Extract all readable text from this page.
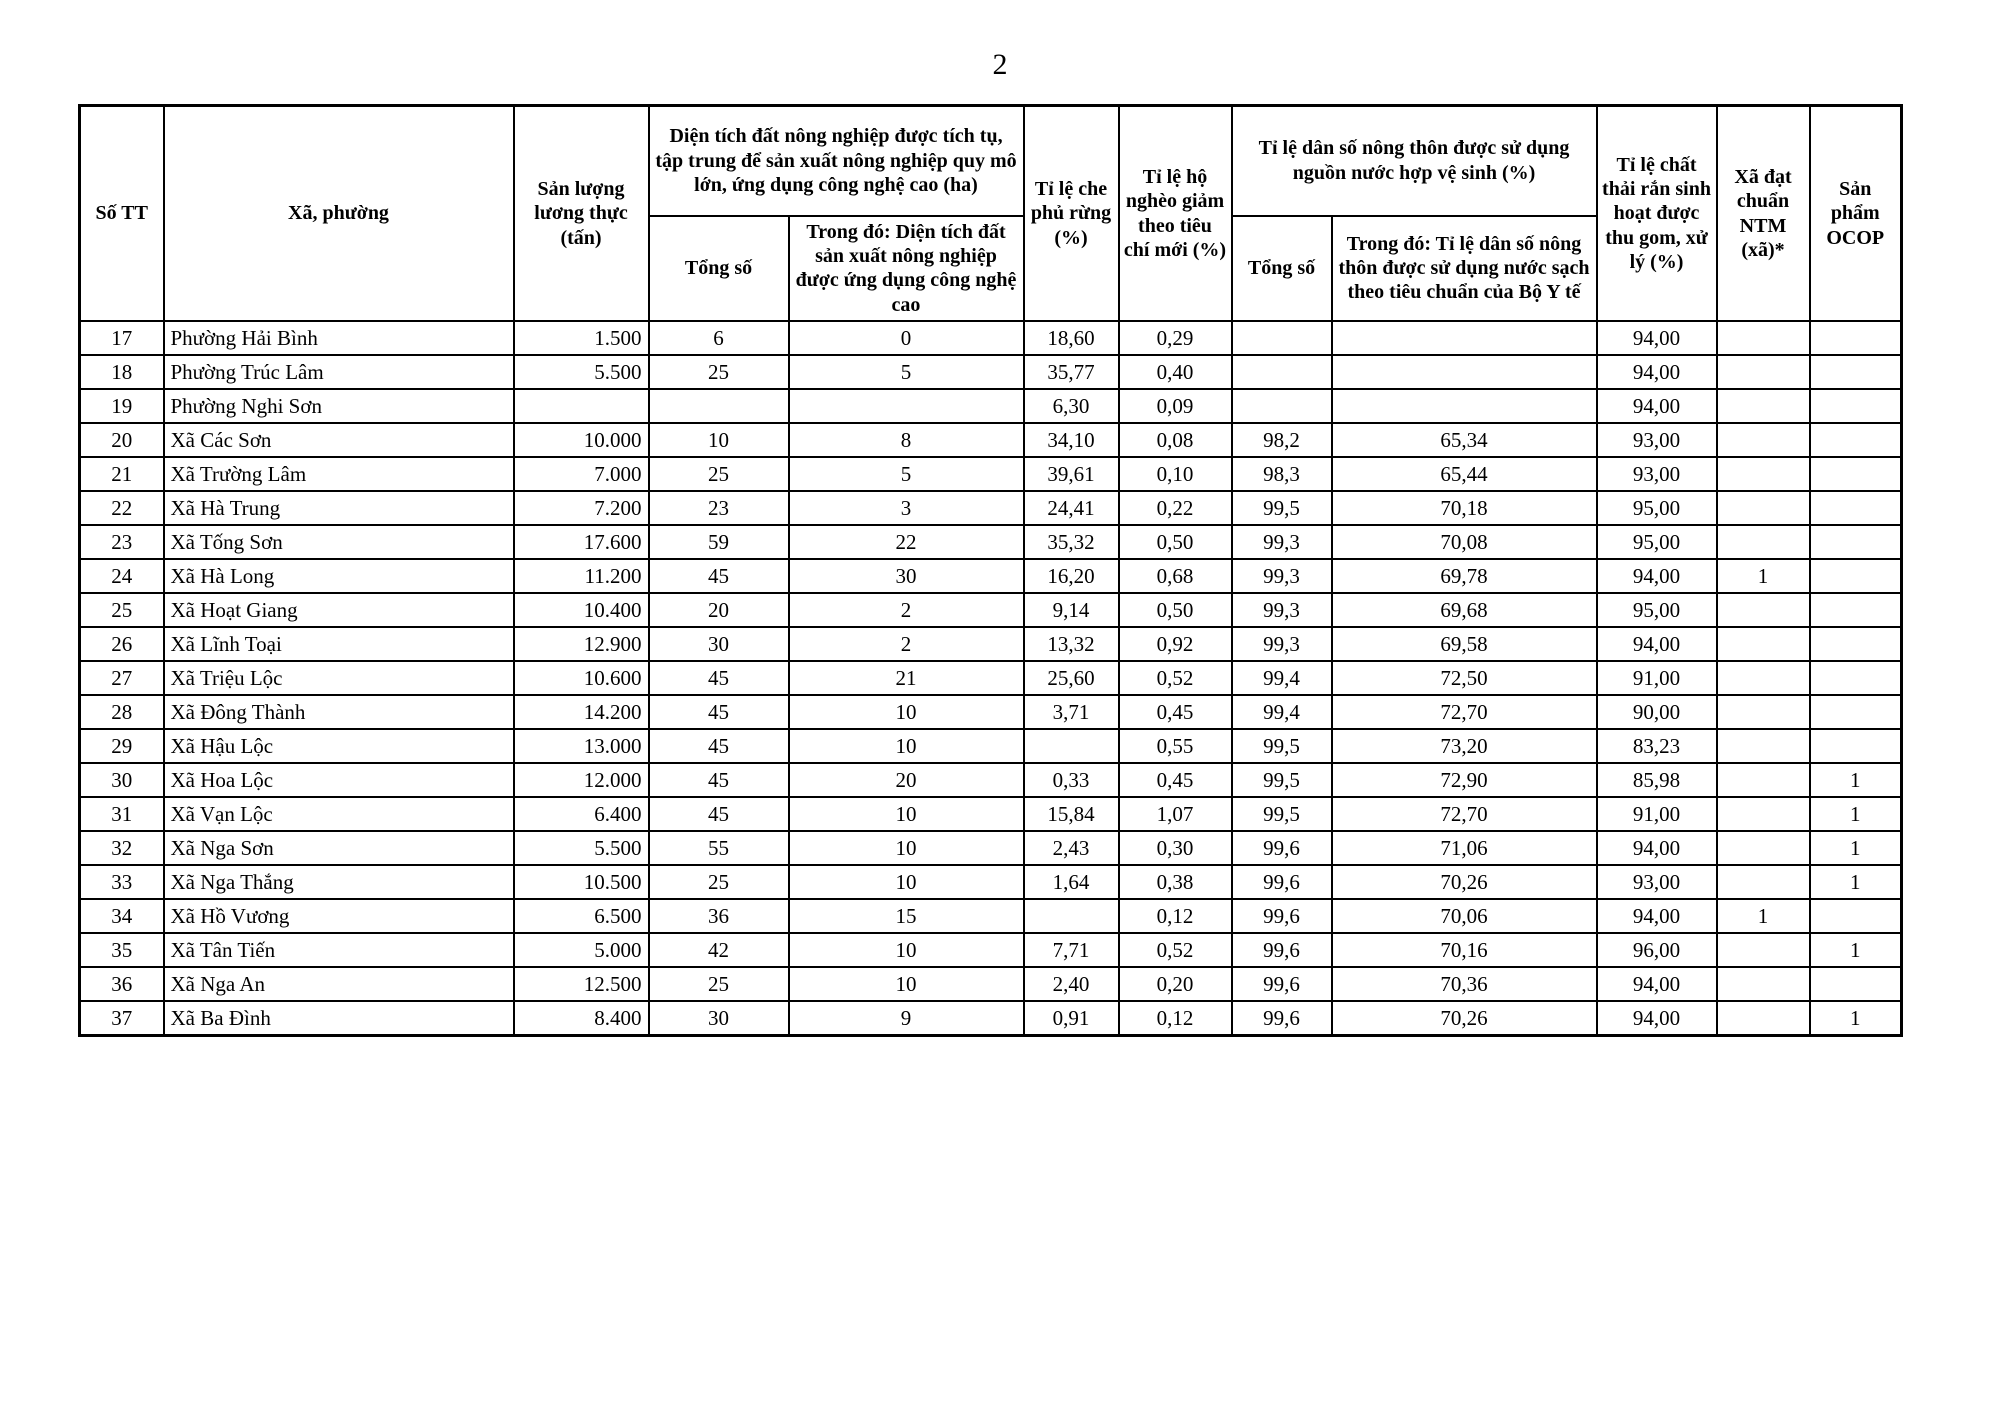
2
Số TT	Xã, phường	Sản lượng lương thực (tấn)	Diện tích đất nông nghiệp được tích tụ, tập trung để sản xuất nông nghiệp quy mô lớn, ứng dụng công nghệ cao (ha)		Tỉ lệ che phủ rừng (%)	Tỉ lệ hộ nghèo giảm theo tiêu chí mới (%)	Tỉ lệ dân số nông thôn được sử dụng nguồn nước hợp vệ sinh (%)		Tỉ lệ chất thải rắn sinh hoạt được thu gom, xử lý (%)	Xã đạt chuẩn NTM (xã)*	Sản phẩm OCOP
			Tổng số	Trong đó: Diện tích đất sản xuất nông nghiệp được ứng dụng công nghệ cao			Tổng số	Trong đó: Tỉ lệ dân số nông thôn được sử dụng nước sạch theo tiêu chuẩn của Bộ Y tế			
17	Phường Hải Bình	1.500	6	0	18,60	0,29			94,00		
18	Phường Trúc Lâm	5.500	25	5	35,77	0,40			94,00		
19	Phường Nghi Sơn				6,30	0,09			94,00		
20	Xã Các Sơn	10.000	10	8	34,10	0,08	98,2	65,34	93,00		
21	Xã Trường Lâm	7.000	25	5	39,61	0,10	98,3	65,44	93,00		
22	Xã Hà Trung	7.200	23	3	24,41	0,22	99,5	70,18	95,00		
23	Xã Tống Sơn	17.600	59	22	35,32	0,50	99,3	70,08	95,00		
24	Xã Hà Long	11.200	45	30	16,20	0,68	99,3	69,78	94,00	1	
25	Xã Hoạt Giang	10.400	20	2	9,14	0,50	99,3	69,68	95,00		
26	Xã Lĩnh Toại	12.900	30	2	13,32	0,92	99,3	69,58	94,00		
27	Xã Triệu Lộc	10.600	45	21	25,60	0,52	99,4	72,50	91,00		
28	Xã Đông Thành	14.200	45	10	3,71	0,45	99,4	72,70	90,00		
29	Xã Hậu Lộc	13.000	45	10		0,55	99,5	73,20	83,23		
30	Xã Hoa Lộc	12.000	45	20	0,33	0,45	99,5	72,90	85,98		1
31	Xã Vạn Lộc	6.400	45	10	15,84	1,07	99,5	72,70	91,00		1
32	Xã Nga Sơn	5.500	55	10	2,43	0,30	99,6	71,06	94,00		1
33	Xã Nga Thắng	10.500	25	10	1,64	0,38	99,6	70,26	93,00		1
34	Xã Hồ Vương	6.500	36	15		0,12	99,6	70,06	94,00	1	
35	Xã Tân Tiến	5.000	42	10	7,71	0,52	99,6	70,16	96,00		1
36	Xã Nga An	12.500	25	10	2,40	0,20	99,6	70,36	94,00		
37	Xã Ba Đình	8.400	30	9	0,91	0,12	99,6	70,26	94,00		1
